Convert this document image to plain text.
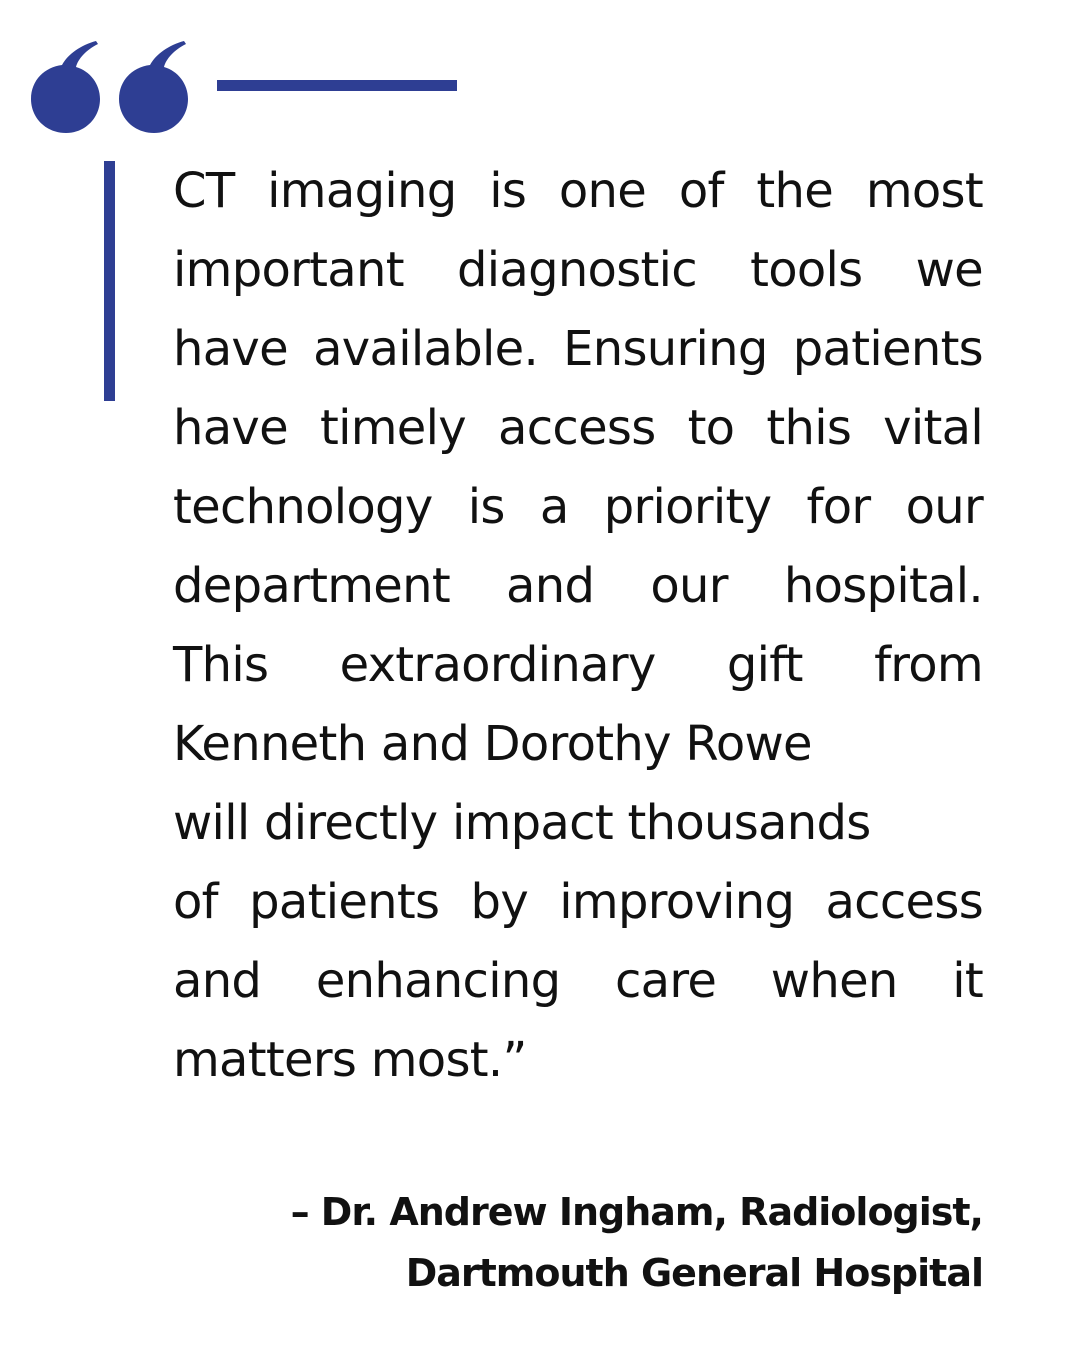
CT imaging is one of the most
important diagnostic tools we
have available. Ensuring patients
have timely access to this vital
technology is a priority for our
department and our hospital.
This extraordinary gift from
Kenneth and Dorothy Rowe
will directly impact thousands
of patients by improving access
and enhancing care when it
matters most.”

– Dr. Andrew Ingham, Radiologist,
Dartmouth General Hospital
